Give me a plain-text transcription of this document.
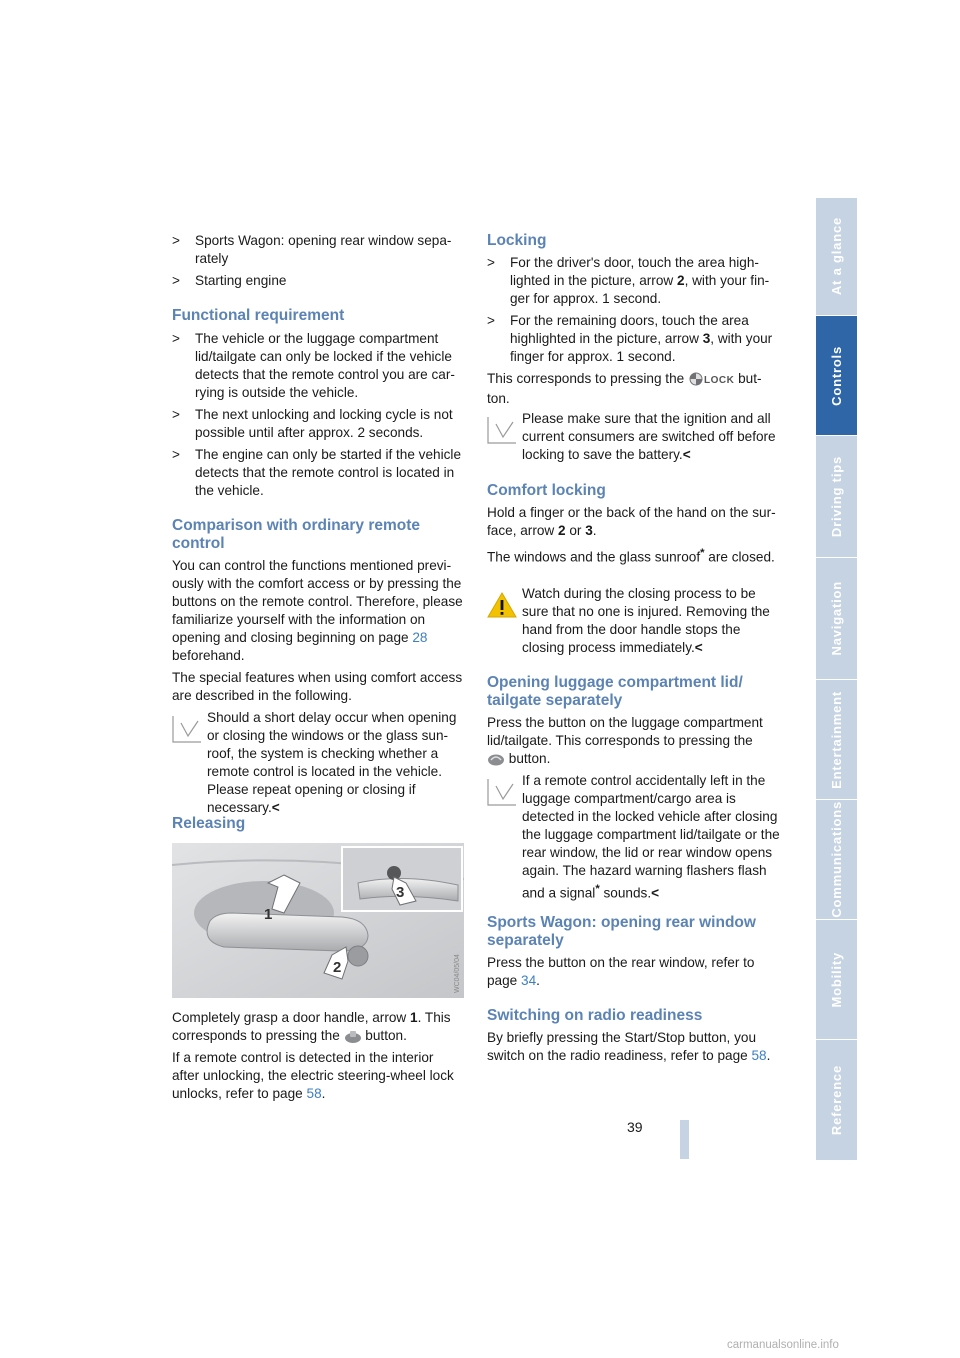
> Sports Wagon: opening rear window sepa- rately
> Starting engine
Functional requirement
> The vehicle or the luggage compartment lid/tailgate can only be locked if the vehicle detects that the remote control you are car- rying is outside the vehicle.
> The next unlocking and locking cycle is not possible until after approx. 2 seconds.
> The engine can only be started if the vehicle detects that the remote control is located in the vehicle.
Comparison with ordinary remote control
You can control the functions mentioned previ- ously with the comfort access or by pressing the buttons on the remote control. Therefore, please familiarize yourself with the information on opening and closing beginning on page 28 beforehand.
The special features when using comfort access are described in the following.
Should a short delay occur when opening or closing the windows or the glass sun- roof, the system is checking whether a remote control is located in the vehicle. Please repeat opening or closing if necessary.<
Releasing
1
2
3
WC04/05/04
Completely grasp a door handle, arrow 1. This corresponds to pressing the  button.
If a remote control is detected in the interior after unlocking, the electric steering-wheel lock unlocks, refer to page 58.
Locking
> For the driver's door, touch the area high- lighted in the picture, arrow 2, with your fin- ger for approx. 1 second.
> For the remaining doors, touch the area highlighted in the picture, arrow 3, with your finger for approx. 1 second.
This corresponds to pressing the LOCK but- ton.
Please make sure that the ignition and all current consumers are switched off before locking to save the battery.<
Comfort locking
Hold a finger or the back of the hand on the sur- face, arrow 2 or 3.
The windows and the glass sunroof* are closed.
Watch during the closing process to be sure that no one is injured. Removing the hand from the door handle stops the closing process immediately.<
Opening luggage compartment lid/ tailgate separately
Press the button on the luggage compartment lid/tailgate. This corresponds to pressing the
button.
If a remote control accidentally left in the luggage compartment/cargo area is detected in the locked vehicle after closing the luggage compartment lid/tailgate or the rear window, the lid or rear window opens again. The hazard warning flashers flash and a signal* sounds.<
Sports Wagon: opening rear window separately
Press the button on the rear window, refer to page 34.
Switching on radio readiness
By briefly pressing the Start/Stop button, you switch on the radio readiness, refer to page 58.
At a glance
Controls
Driving tips
Navigation
Entertainment
Communications
Mobility
Reference
39
carmanualsonline.info
